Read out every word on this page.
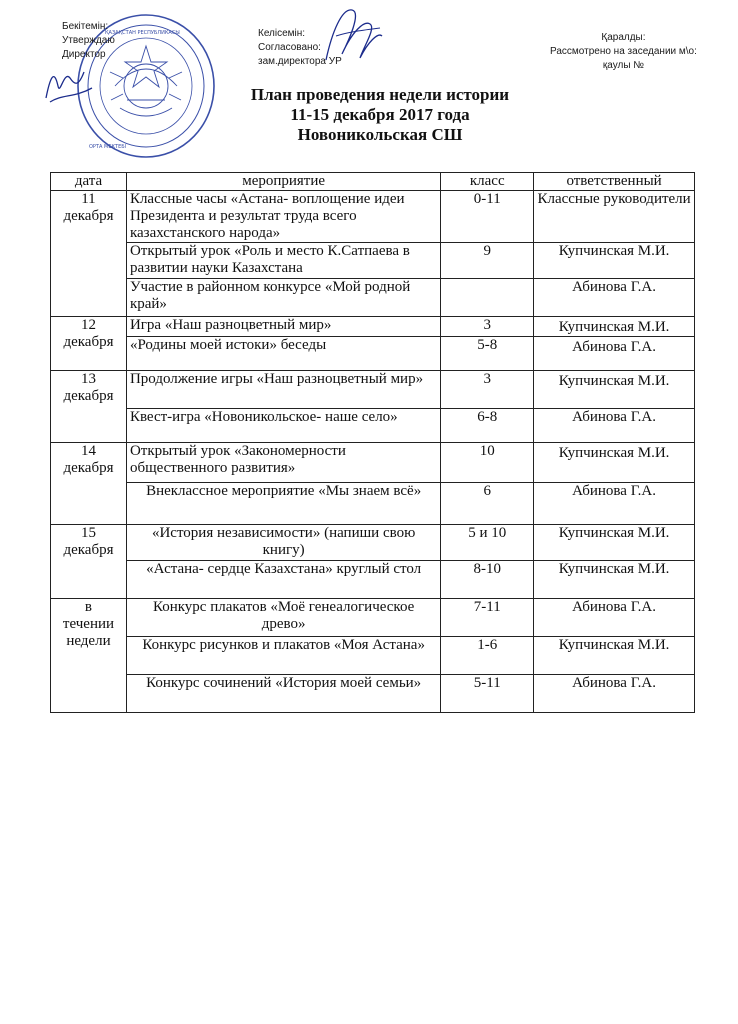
ҚАЗАҚСТАН РЕСПУБЛИКАСЫ
ОРТА МЕКТЕБІ
Бекітемін:
Утверждаю
Директор
Келісемін:
Согласовано:
зам.директора УР
Қаралды:
Рассмотрено на заседании м\о:
қаулы №
План проведения недели истории
11-15 декабря 2017 года
Новоникольская СШ
дата	мероприятие	класс	ответственный

11
декабря	Классные часы «Астана- воплощение идеи Президента и результат труда всего казахстанского народа»	0-11	Классные руководители
	Открытый урок «Роль и место К.Сатпаева в развитии науки Казахстана	9	Купчинская М.И.
	Участие в районном конкурсе «Мой родной край»		Абинова Г.А.

12
декабря	Игра «Наш разноцветный мир»	3	Купчинская М.И.
	«Родины моей истоки» беседы	5-8	Абинова Г.А.

13
декабря	Продолжение игры «Наш разноцветный мир»	3	Купчинская М.И.
	Квест-игра «Новоникольское- наше село»	6-8	Абинова Г.А.

14
декабря	Открытый урок «Закономерности общественного развития»	10	Купчинская М.И.
	Внеклассное мероприятие «Мы знаем всё»	6	Абинова Г.А.

15
декабря	«История независимости» (напиши свою книгу)	5 и 10	Купчинская М.И.
	«Астана- сердце Казахстана» круглый стол	8-10	Купчинская М.И.

в
течении
недели	Конкурс плакатов «Моё генеалогическое древо»	7-11	Абинова Г.А.
	Конкурс рисунков и плакатов «Моя Астана»	1-6	Купчинская М.И.
	Конкурс сочинений «История моей семьи»	5-11	Абинова Г.А.
